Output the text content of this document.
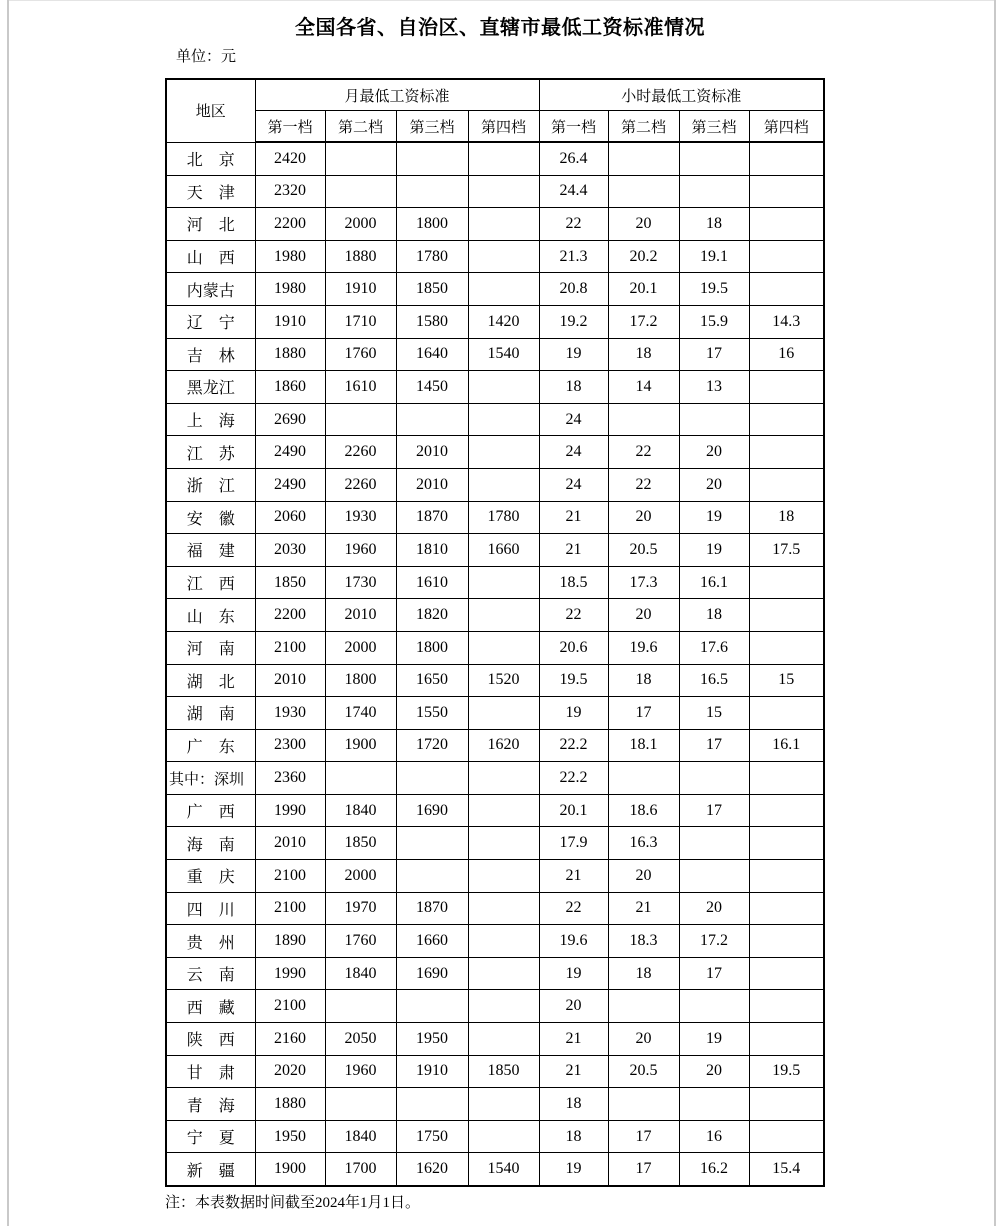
全国各省、自治区、直辖市最低工资标准情况
单位：元
地区	月最低工资标准				小时最低工资标准			
	第一档	第二档	第三档	第四档	第一档	第二档	第三档	第四档
北　京	2420				26.4			
天　津	2320				24.4			
河　北	2200	2000	1800		22	20	18	
山　西	1980	1880	1780		21.3	20.2	19.1	
内蒙古	1980	1910	1850		20.8	20.1	19.5	
辽　宁	1910	1710	1580	1420	19.2	17.2	15.9	14.3
吉　林	1880	1760	1640	1540	19	18	17	16
黑龙江	1860	1610	1450		18	14	13	
上　海	2690				24			
江　苏	2490	2260	2010		24	22	20	
浙　江	2490	2260	2010		24	22	20	
安　徽	2060	1930	1870	1780	21	20	19	18
福　建	2030	1960	1810	1660	21	20.5	19	17.5
江　西	1850	1730	1610		18.5	17.3	16.1	
山　东	2200	2010	1820		22	20	18	
河　南	2100	2000	1800		20.6	19.6	17.6	
湖　北	2010	1800	1650	1520	19.5	18	16.5	15
湖　南	1930	1740	1550		19	17	15	
广　东	2300	1900	1720	1620	22.2	18.1	17	16.1
其中：深圳	2360				22.2			
广　西	1990	1840	1690		20.1	18.6	17	
海　南	2010	1850			17.9	16.3		
重　庆	2100	2000			21	20		
四　川	2100	1970	1870		22	21	20	
贵　州	1890	1760	1660		19.6	18.3	17.2	
云　南	1990	1840	1690		19	18	17	
西　藏	2100				20			
陕　西	2160	2050	1950		21	20	19	
甘　肃	2020	1960	1910	1850	21	20.5	20	19.5
青　海	1880				18			
宁　夏	1950	1840	1750		18	17	16	
新　疆	1900	1700	1620	1540	19	17	16.2	15.4
注：本表数据时间截至2024年1月1日。
